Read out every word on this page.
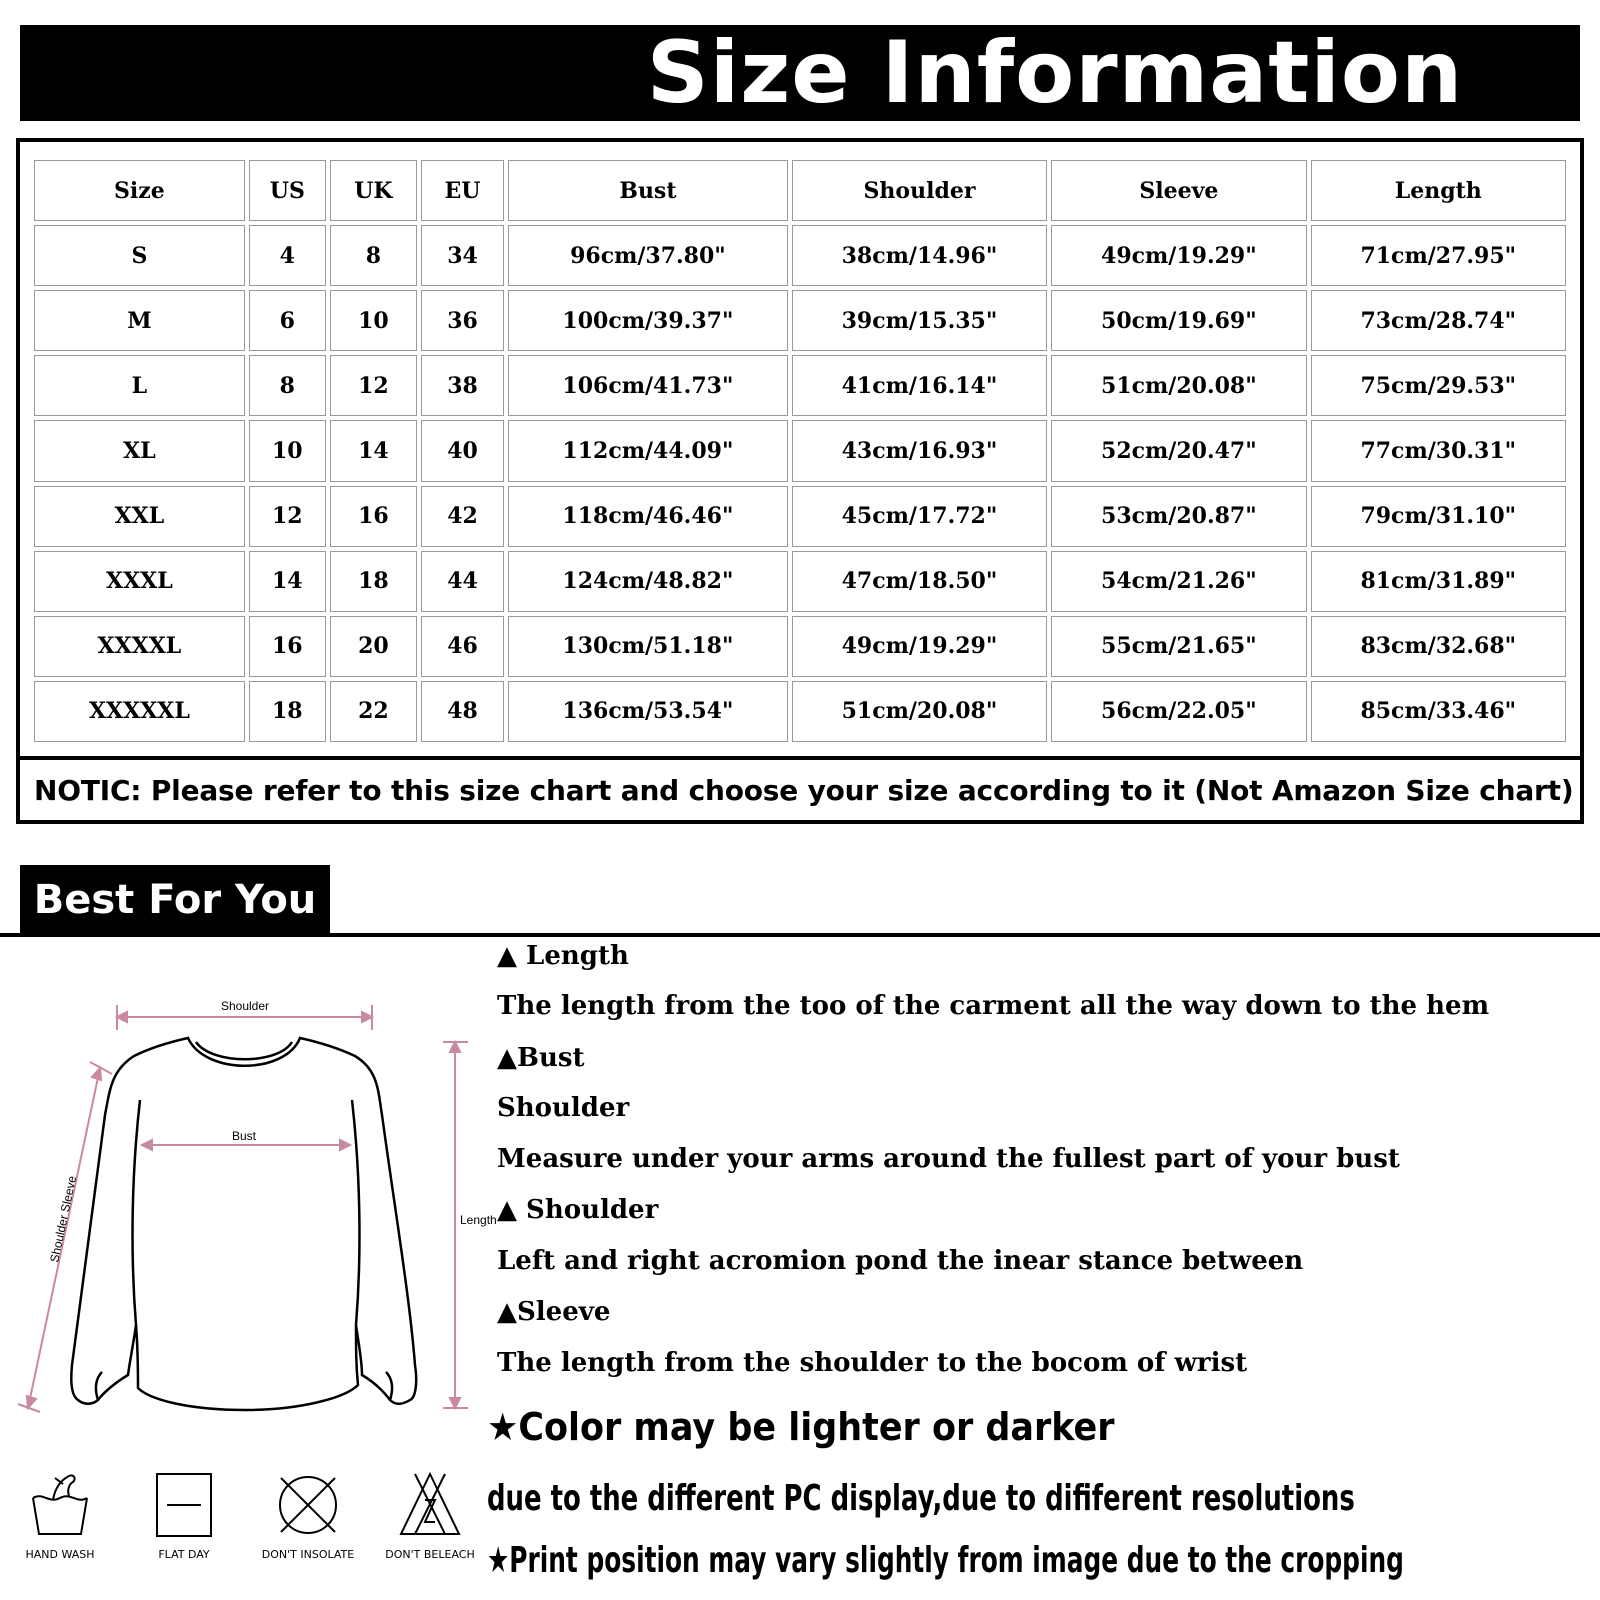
Size Information
Size	US	UK	EU	Bust	Shoulder	Sleeve	Length
S	4	8	34	96cm/37.80"	38cm/14.96"	49cm/19.29"	71cm/27.95"
M	6	10	36	100cm/39.37"	39cm/15.35"	50cm/19.69"	73cm/28.74"
L	8	12	38	106cm/41.73"	41cm/16.14"	51cm/20.08"	75cm/29.53"
XL	10	14	40	112cm/44.09"	43cm/16.93"	52cm/20.47"	77cm/30.31"
XXL	12	16	42	118cm/46.46"	45cm/17.72"	53cm/20.87"	79cm/31.10"
XXXL	14	18	44	124cm/48.82"	47cm/18.50"	54cm/21.26"	81cm/31.89"
XXXXL	16	20	46	130cm/51.18"	49cm/19.29"	55cm/21.65"	83cm/32.68"
XXXXXL	18	22	48	136cm/53.54"	51cm/20.08"	56cm/22.05"	85cm/33.46"
NOTIC: Please refer to this size chart and choose your size according to it (Not Amazon Size chart)
Best For You
Shoulder
Bust
Shoulder Sleeve	Length
HAND WASH	FLAT DAY	DON'T INSOLATE	DON'T BELEACH
▲ Length
The length from the too of the carment all the way down to the hem
▲Bust
Shoulder
Measure under your arms around the fullest part of your bust
▲ Shoulder
Left and right acromion pond the inear stance between
▲Sleeve
The length from the shoulder to the bocom of wrist
★Color may be lighter or darker
due to the different PC display,due to dififerent resolutions
★Print position may vary slightly from image due to the cropping
